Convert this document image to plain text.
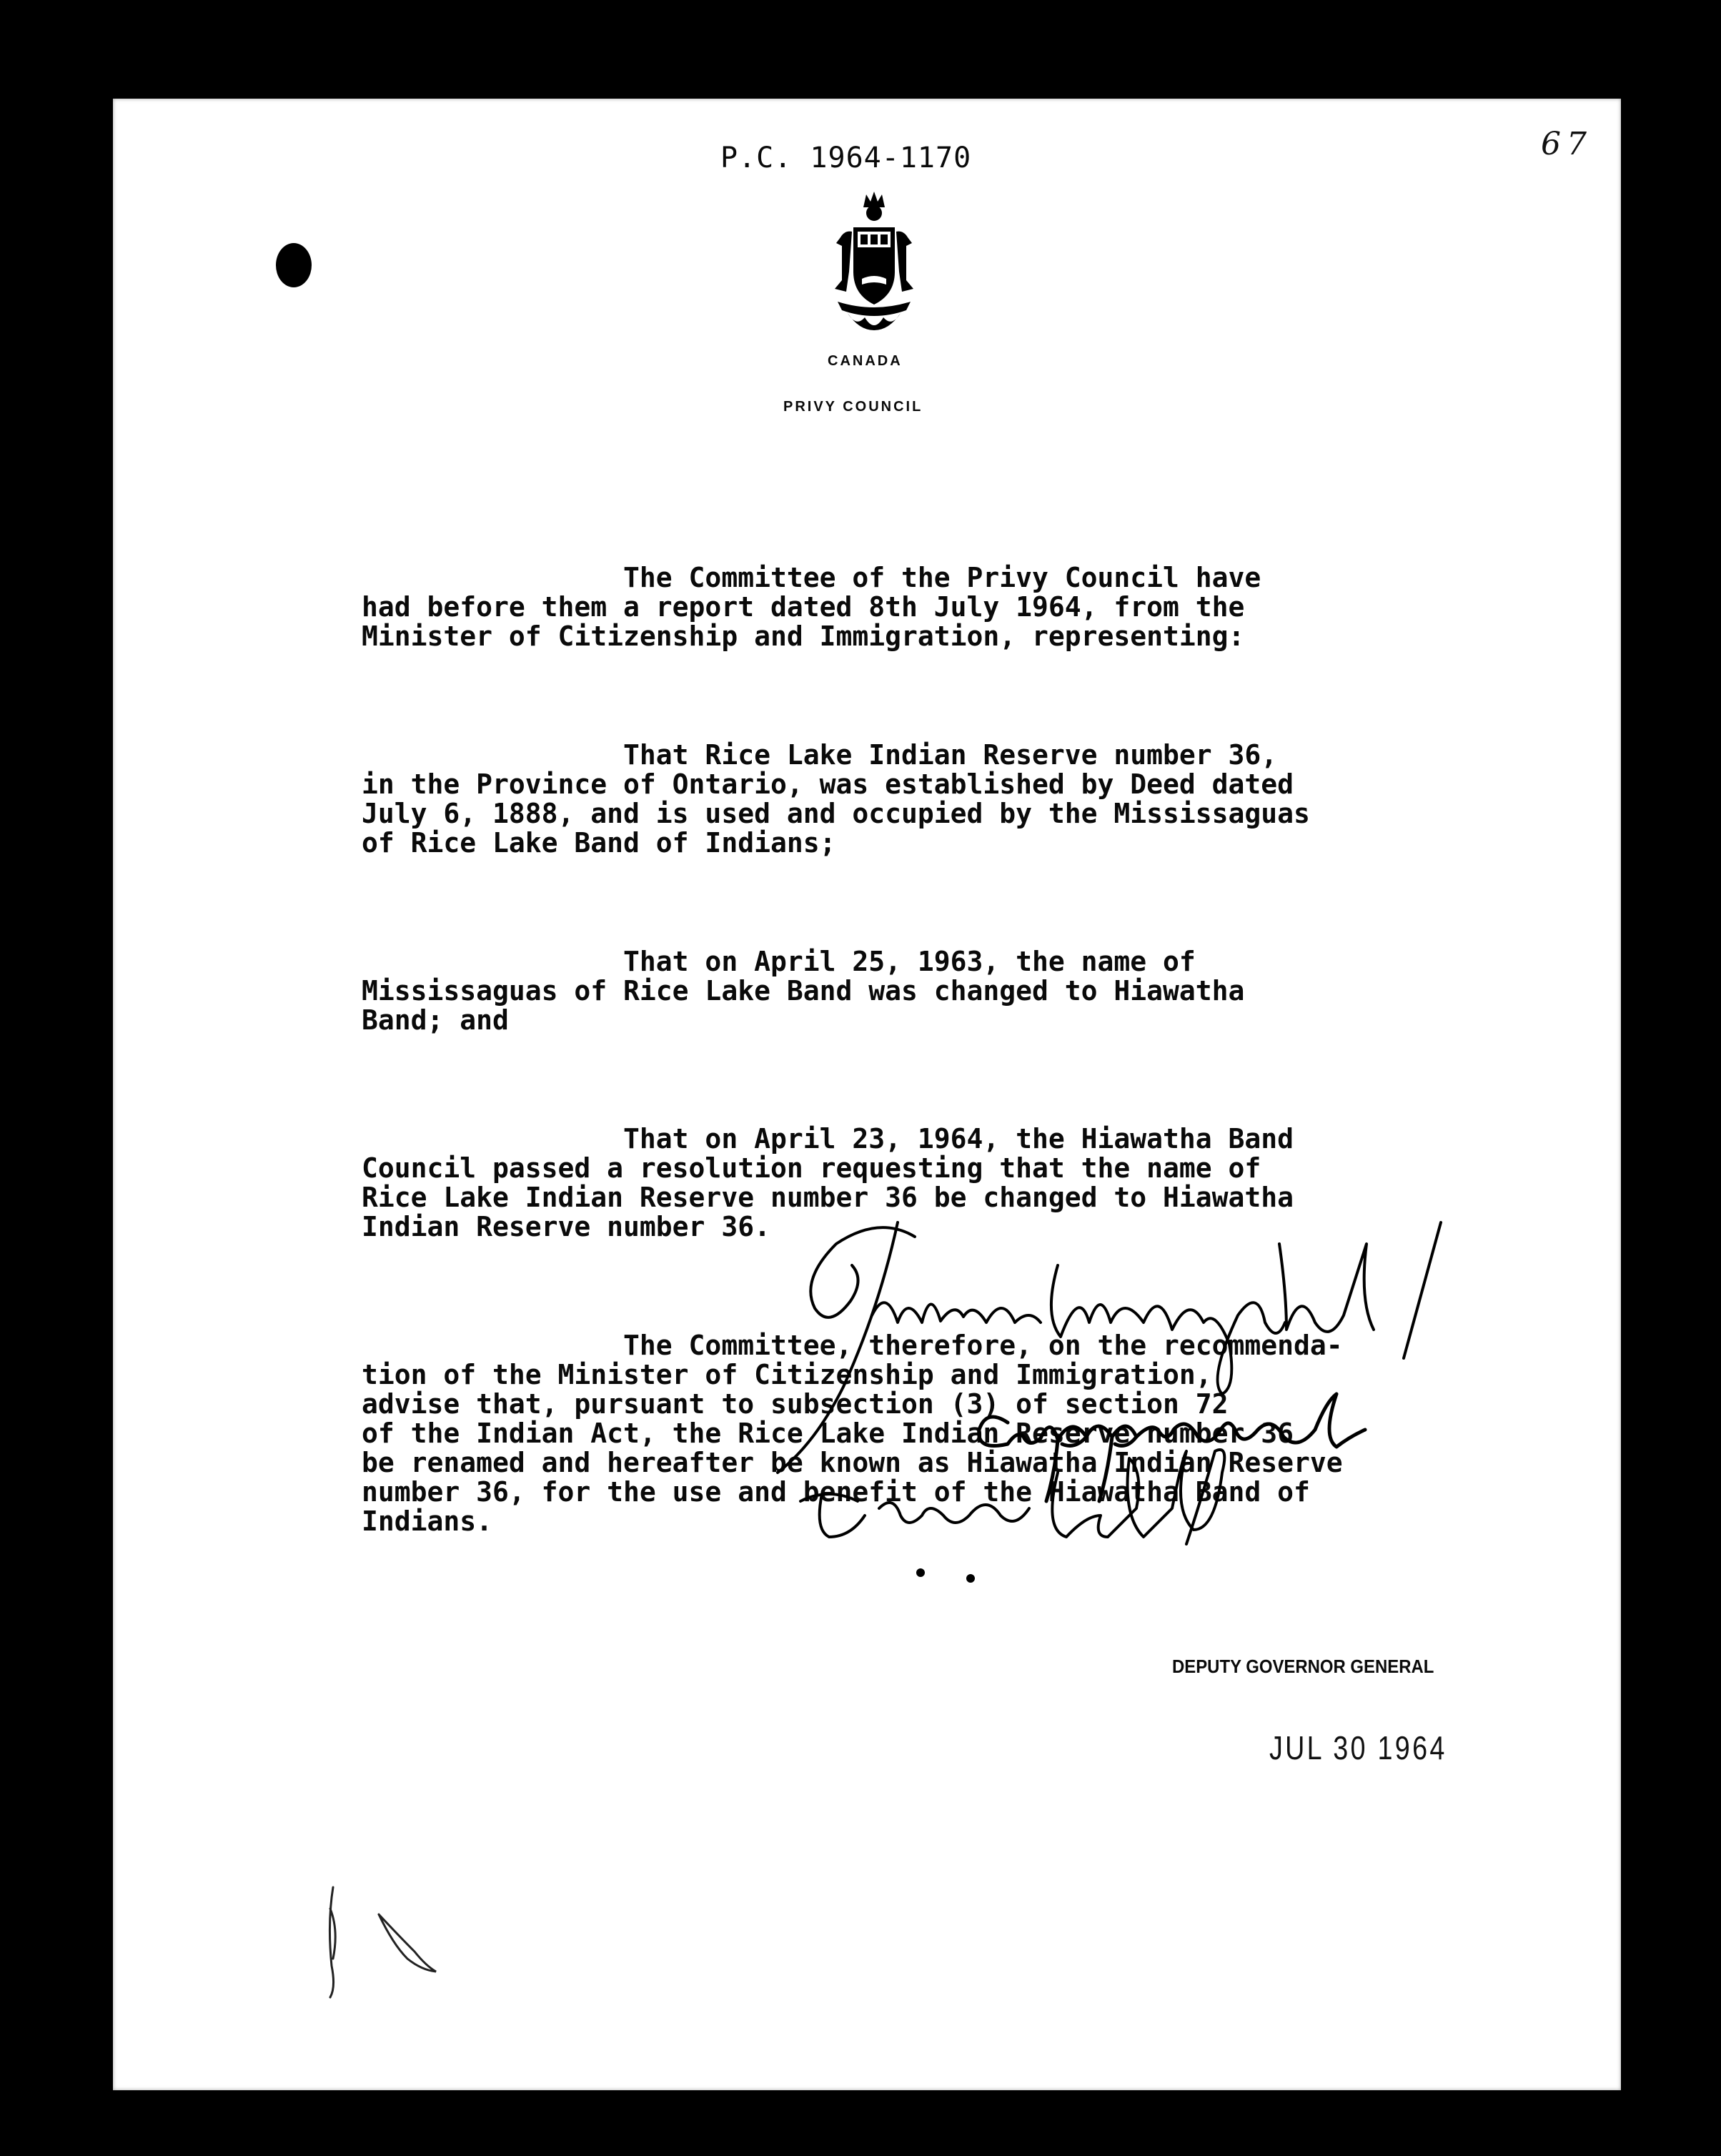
P.C. 1964-1170	67
CANADA
PRIVY COUNCIL

The Committee of the Privy Council have
had before them a report dated 8th July 1964, from the
Minister of Citizenship and Immigration, representing:

That Rice Lake Indian Reserve number 36,
in the Province of Ontario, was established by Deed dated
July 6, 1888, and is used and occupied by the Mississaguas
of Rice Lake Band of Indians;

That on April 25, 1963, the name of
Mississaguas of Rice Lake Band was changed to Hiawatha
Band; and

That on April 23, 1964, the Hiawatha Band
Council passed a resolution requesting that the name of
Rice Lake Indian Reserve number 36 be changed to Hiawatha
Indian Reserve number 36.

The Committee, therefore, on the recommenda-
tion of the Minister of Citizenship and Immigration,
advise that, pursuant to subsection (3) of section 72
of the Indian Act, the Rice Lake Indian Reserve number 36
be renamed and hereafter be known as Hiawatha Indian Reserve
number 36, for the use and benefit of the Hiawatha Band of
Indians.

DEPUTY GOVERNOR GENERAL
JUL 30 1964
